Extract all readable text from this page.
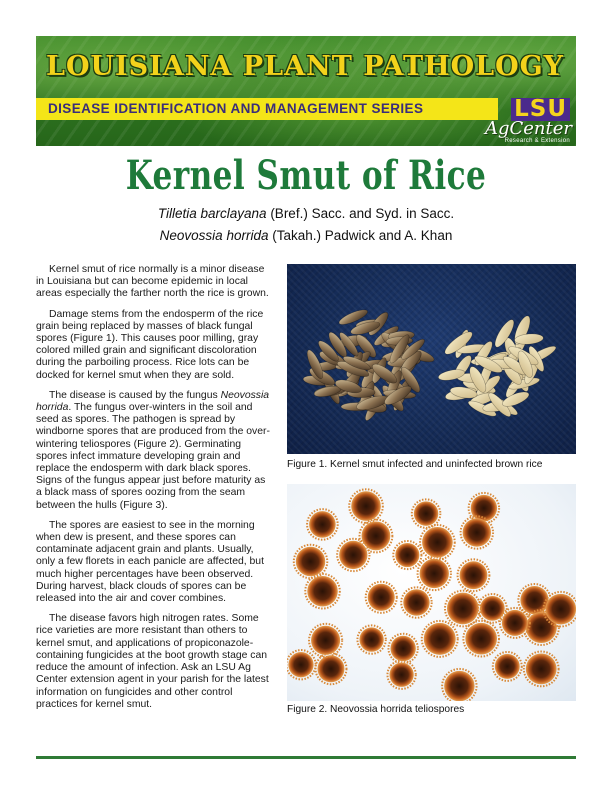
LOUISIANA PLANT PATHOLOGY
DISEASE IDENTIFICATION AND MANAGEMENT SERIES	LSU
AgCenter
Research & Extension
Kernel Smut of Rice
Tilletia barclayana (Bref.) Sacc. and Syd. in Sacc.
Neovossia horrida (Takah.) Padwick and A. Khan

Kernel smut of rice normally is a minor disease in Louisiana but can become epidemic in local areas especially the farther north the rice is grown.

Damage stems from the endosperm of the rice grain being replaced by masses of black fungal spores (Figure 1). This causes poor milling, gray colored milled grain and significant discoloration during the parboiling process. Rice lots can be docked for kernel smut when they are sold.

The disease is caused by the fungus Neovossia horrida. The fungus over-winters in the soil and seed as spores. The pathogen is spread by windborne spores that are produced from the over-wintering teliospores (Figure 2). Germinating spores infect immature developing grain and replace the endosperm with dark black spores. Signs of the fungus appear just before maturity as a black mass of spores oozing from the seam between the hulls (Figure 3).

The spores are easiest to see in the morning when dew is present, and these spores can contaminate adjacent grain and plants. Usually, only a few florets in each panicle are affected, but much higher percentages have been observed. During harvest, black clouds of spores can be released into the air and cover combines.

The disease favors high nitrogen rates. Some rice varieties are more resistant than others to kernel smut, and applications of propiconazole-containing fungicides at the boot growth stage can reduce the amount of infection. Ask an LSU Ag Center extension agent in your parish for the latest information on fungicides and other control practices for kernel smut.

Figure 1. Kernel smut infected and uninfected brown rice
Figure 2. Neovossia horrida teliospores
